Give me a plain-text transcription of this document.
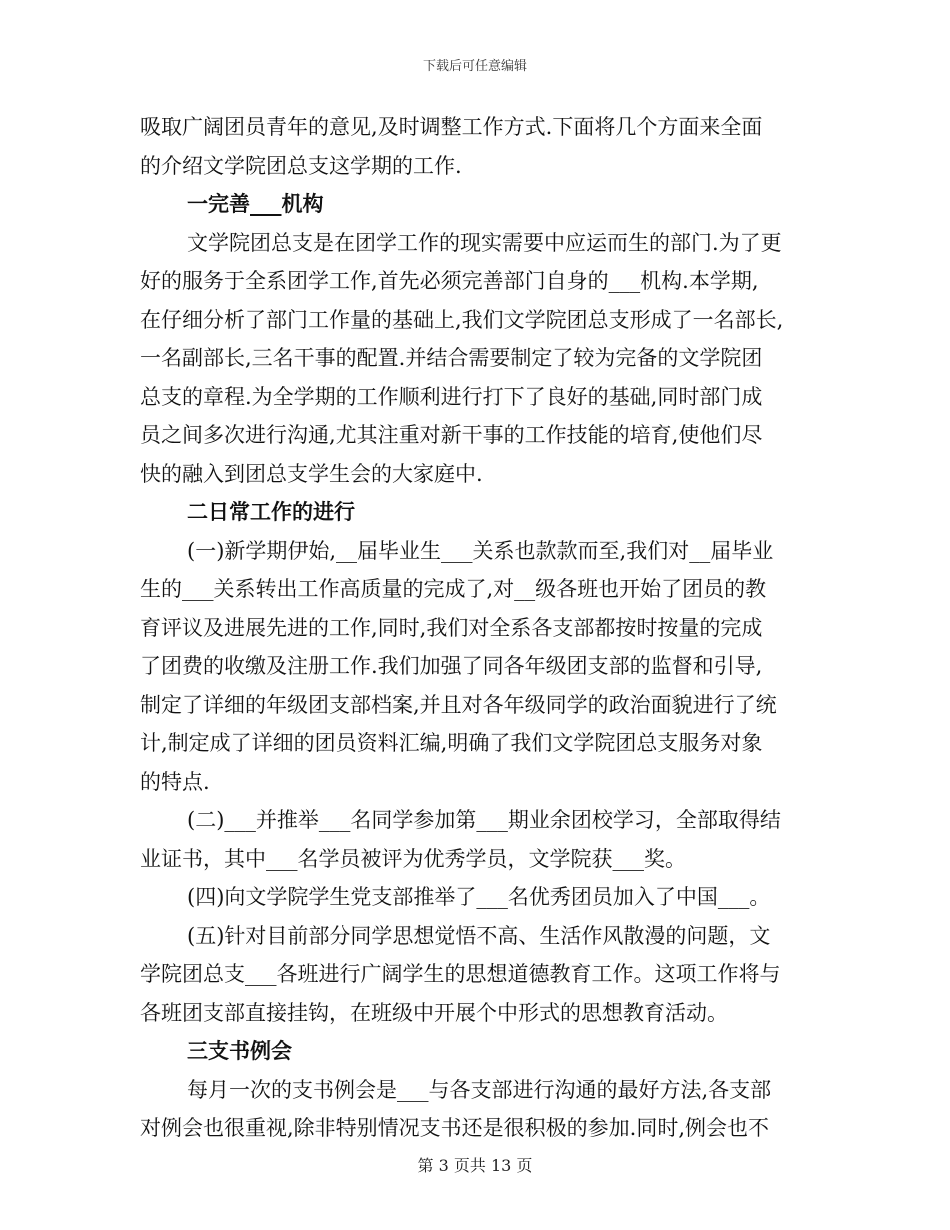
下载后可任意编辑
吸取广阔团员青年的意见,及时调整工作方式.下面将几个方面来全面
的介绍文学院团总支这学期的工作.
一完善___机构
文学院团总支是在团学工作的现实需要中应运而生的部门.为了更
好的服务于全系团学工作,首先必须完善部门自身的___机构.本学期,
在仔细分析了部门工作量的基础上,我们文学院团总支形成了一名部长,
一名副部长,三名干事的配置.并结合需要制定了较为完备的文学院团
总支的章程.为全学期的工作顺利进行打下了良好的基础,同时部门成
员之间多次进行沟通,尤其注重对新干事的工作技能的培育,使他们尽
快的融入到团总支学生会的大家庭中.
二日常工作的进行
(一)新学期伊始,__届毕业生___关系也款款而至,我们对__届毕业
生的___关系转出工作高质量的完成了,对__级各班也开始了团员的教
育评议及进展先进的工作,同时,我们对全系各支部都按时按量的完成
了团费的收缴及注册工作.我们加强了同各年级团支部的监督和引导,
制定了详细的年级团支部档案,并且对各年级同学的政治面貌进行了统
计,制定成了详细的团员资料汇编,明确了我们文学院团总支服务对象
的特点.
(二)___并推举___名同学参加第___期业余团校学习，全部取得结
业证书，其中___名学员被评为优秀学员，文学院获___奖。
(四)向文学院学生党支部推举了___名优秀团员加入了中国___。
(五)针对目前部分同学思想觉悟不高、生活作风散漫的问题，文
学院团总支___各班进行广阔学生的思想道德教育工作。这项工作将与
各班团支部直接挂钩，在班级中开展个中形式的思想教育活动。
三支书例会
每月一次的支书例会是___与各支部进行沟通的最好方法,各支部
对例会也很重视,除非特别情况支书还是很积极的参加.同时,例会也不
第 3 页共 13 页
